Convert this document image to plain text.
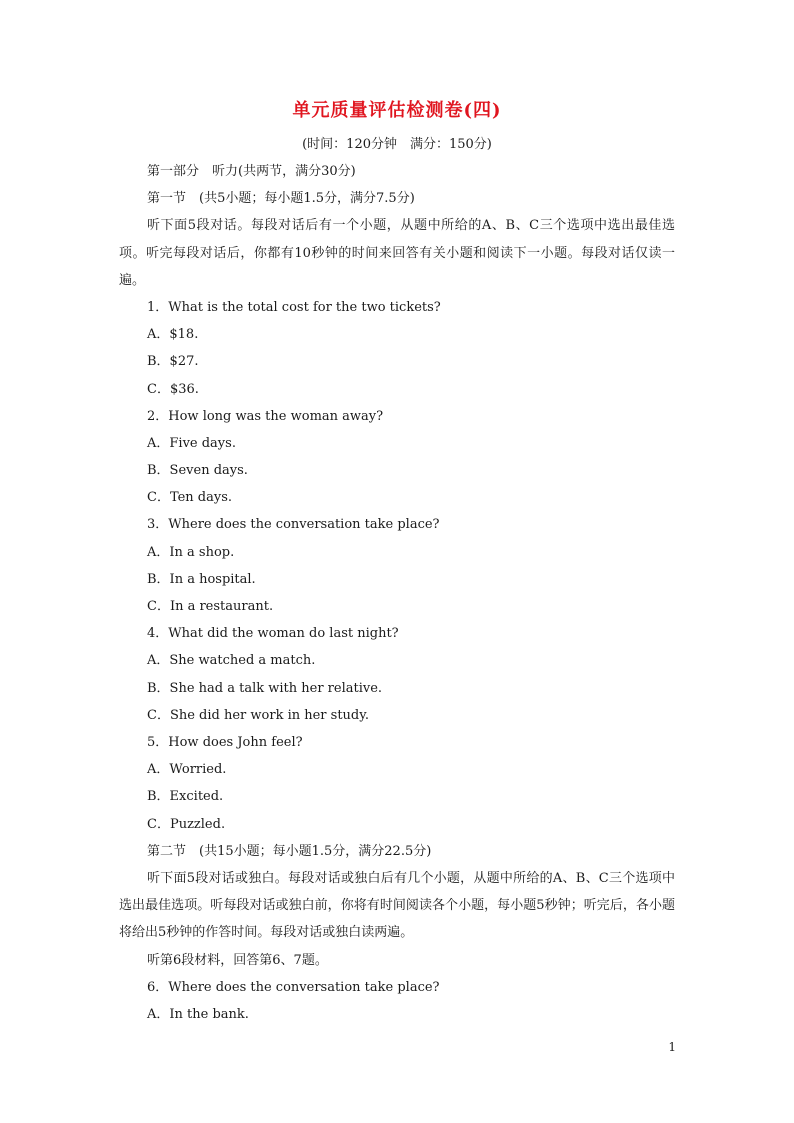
单元质量评估检测卷(四)
(时间：120分钟　满分：150分)
第一部分　听力(共两节，满分30分)
第一节　(共5小题；每小题1.5分，满分7.5分)

听下面5段对话。每段对话后有一个小题，从题中所给的A、B、C三个选项中选出最佳选项。听完每段对话后，你都有10秒钟的时间来回答有关小题和阅读下一小题。每段对话仅读一遍。

1．What is the total cost for the two tickets?
A．$18.
B．$27.
C．$36.
2．How long was the woman away?
A．Five days.
B．Seven days.
C．Ten days.
3．Where does the conversation take place?
A．In a shop.
B．In a hospital.
C．In a restaurant.
4．What did the woman do last night?
A．She watched a match.
B．She had a talk with her relative.
C．She did her work in her study.
5．How does John feel?
A．Worried.
B．Excited.
C．Puzzled.
第二节　(共15小题；每小题1.5分，满分22.5分)

听下面5段对话或独白。每段对话或独白后有几个小题，从题中所给的A、B、C三个选项中选出最佳选项。听每段对话或独白前，你将有时间阅读各个小题，每小题5秒钟；听完后，各小题将给出5秒钟的作答时间。每段对话或独白读两遍。

听第6段材料，回答第6、7题。
6．Where does the conversation take place?
A．In the bank.
1
